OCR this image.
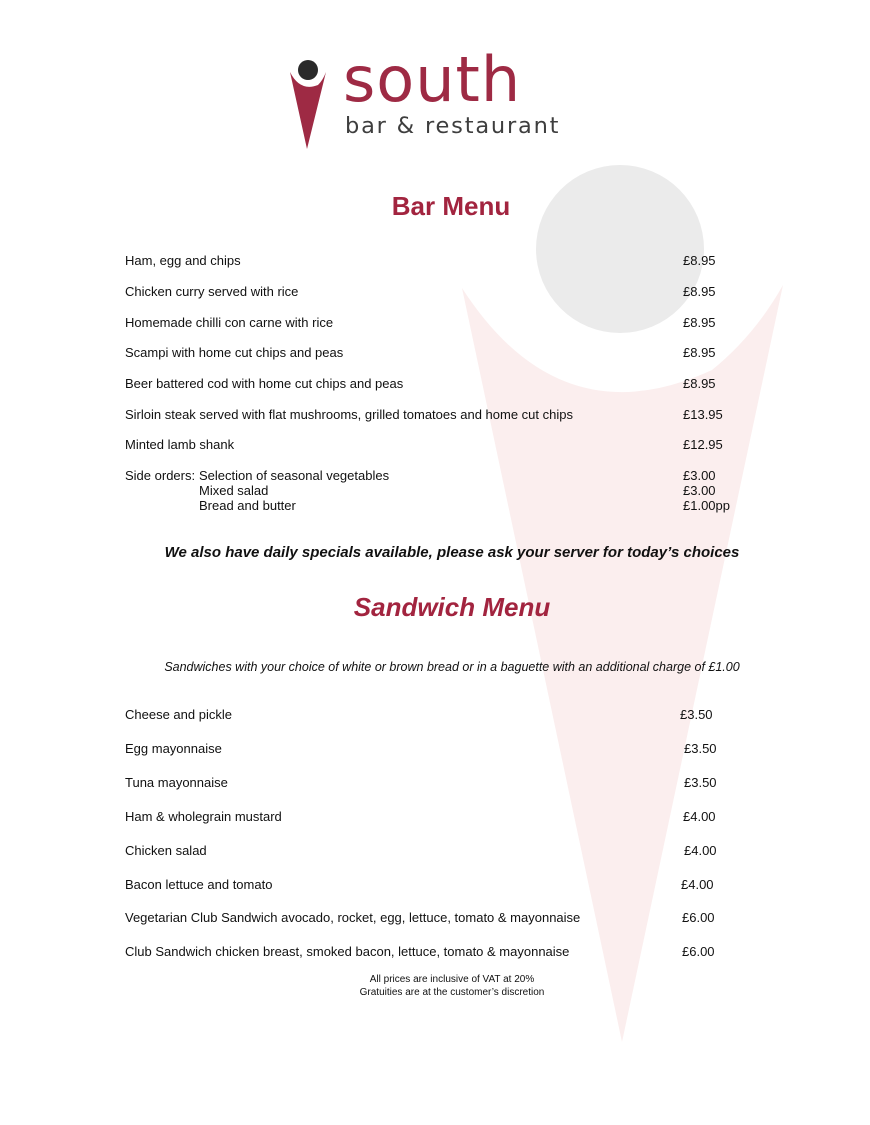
south
bar & restaurant
Bar Menu
Ham, egg and chips	£8.95
Chicken curry served with rice	£8.95
Homemade chilli con carne with rice	£8.95
Scampi with home cut chips and peas	£8.95
Beer battered cod with home cut chips and peas	£8.95
Sirloin steak served with flat mushrooms, grilled tomatoes and home cut chips	£13.95
Minted lamb shank	£12.95
Side orders: Selection of seasonal vegetables	£3.00
Mixed salad	£3.00
Bread and butter	£1.00pp
We also have daily specials available, please ask your server for today’s choices
Sandwich Menu
Sandwiches with your choice of white or brown bread or in a baguette with an additional charge of £1.00
Cheese and pickle	£3.50
Egg mayonnaise	£3.50
Tuna mayonnaise	£3.50
Ham & wholegrain mustard	£4.00
Chicken salad	£4.00
Bacon lettuce and tomato	£4.00
Vegetarian Club Sandwich avocado, rocket, egg, lettuce, tomato & mayonnaise	£6.00
Club Sandwich chicken breast, smoked bacon, lettuce, tomato & mayonnaise	£6.00
All prices are inclusive of VAT at 20%
Gratuities are at the customer’s discretion
